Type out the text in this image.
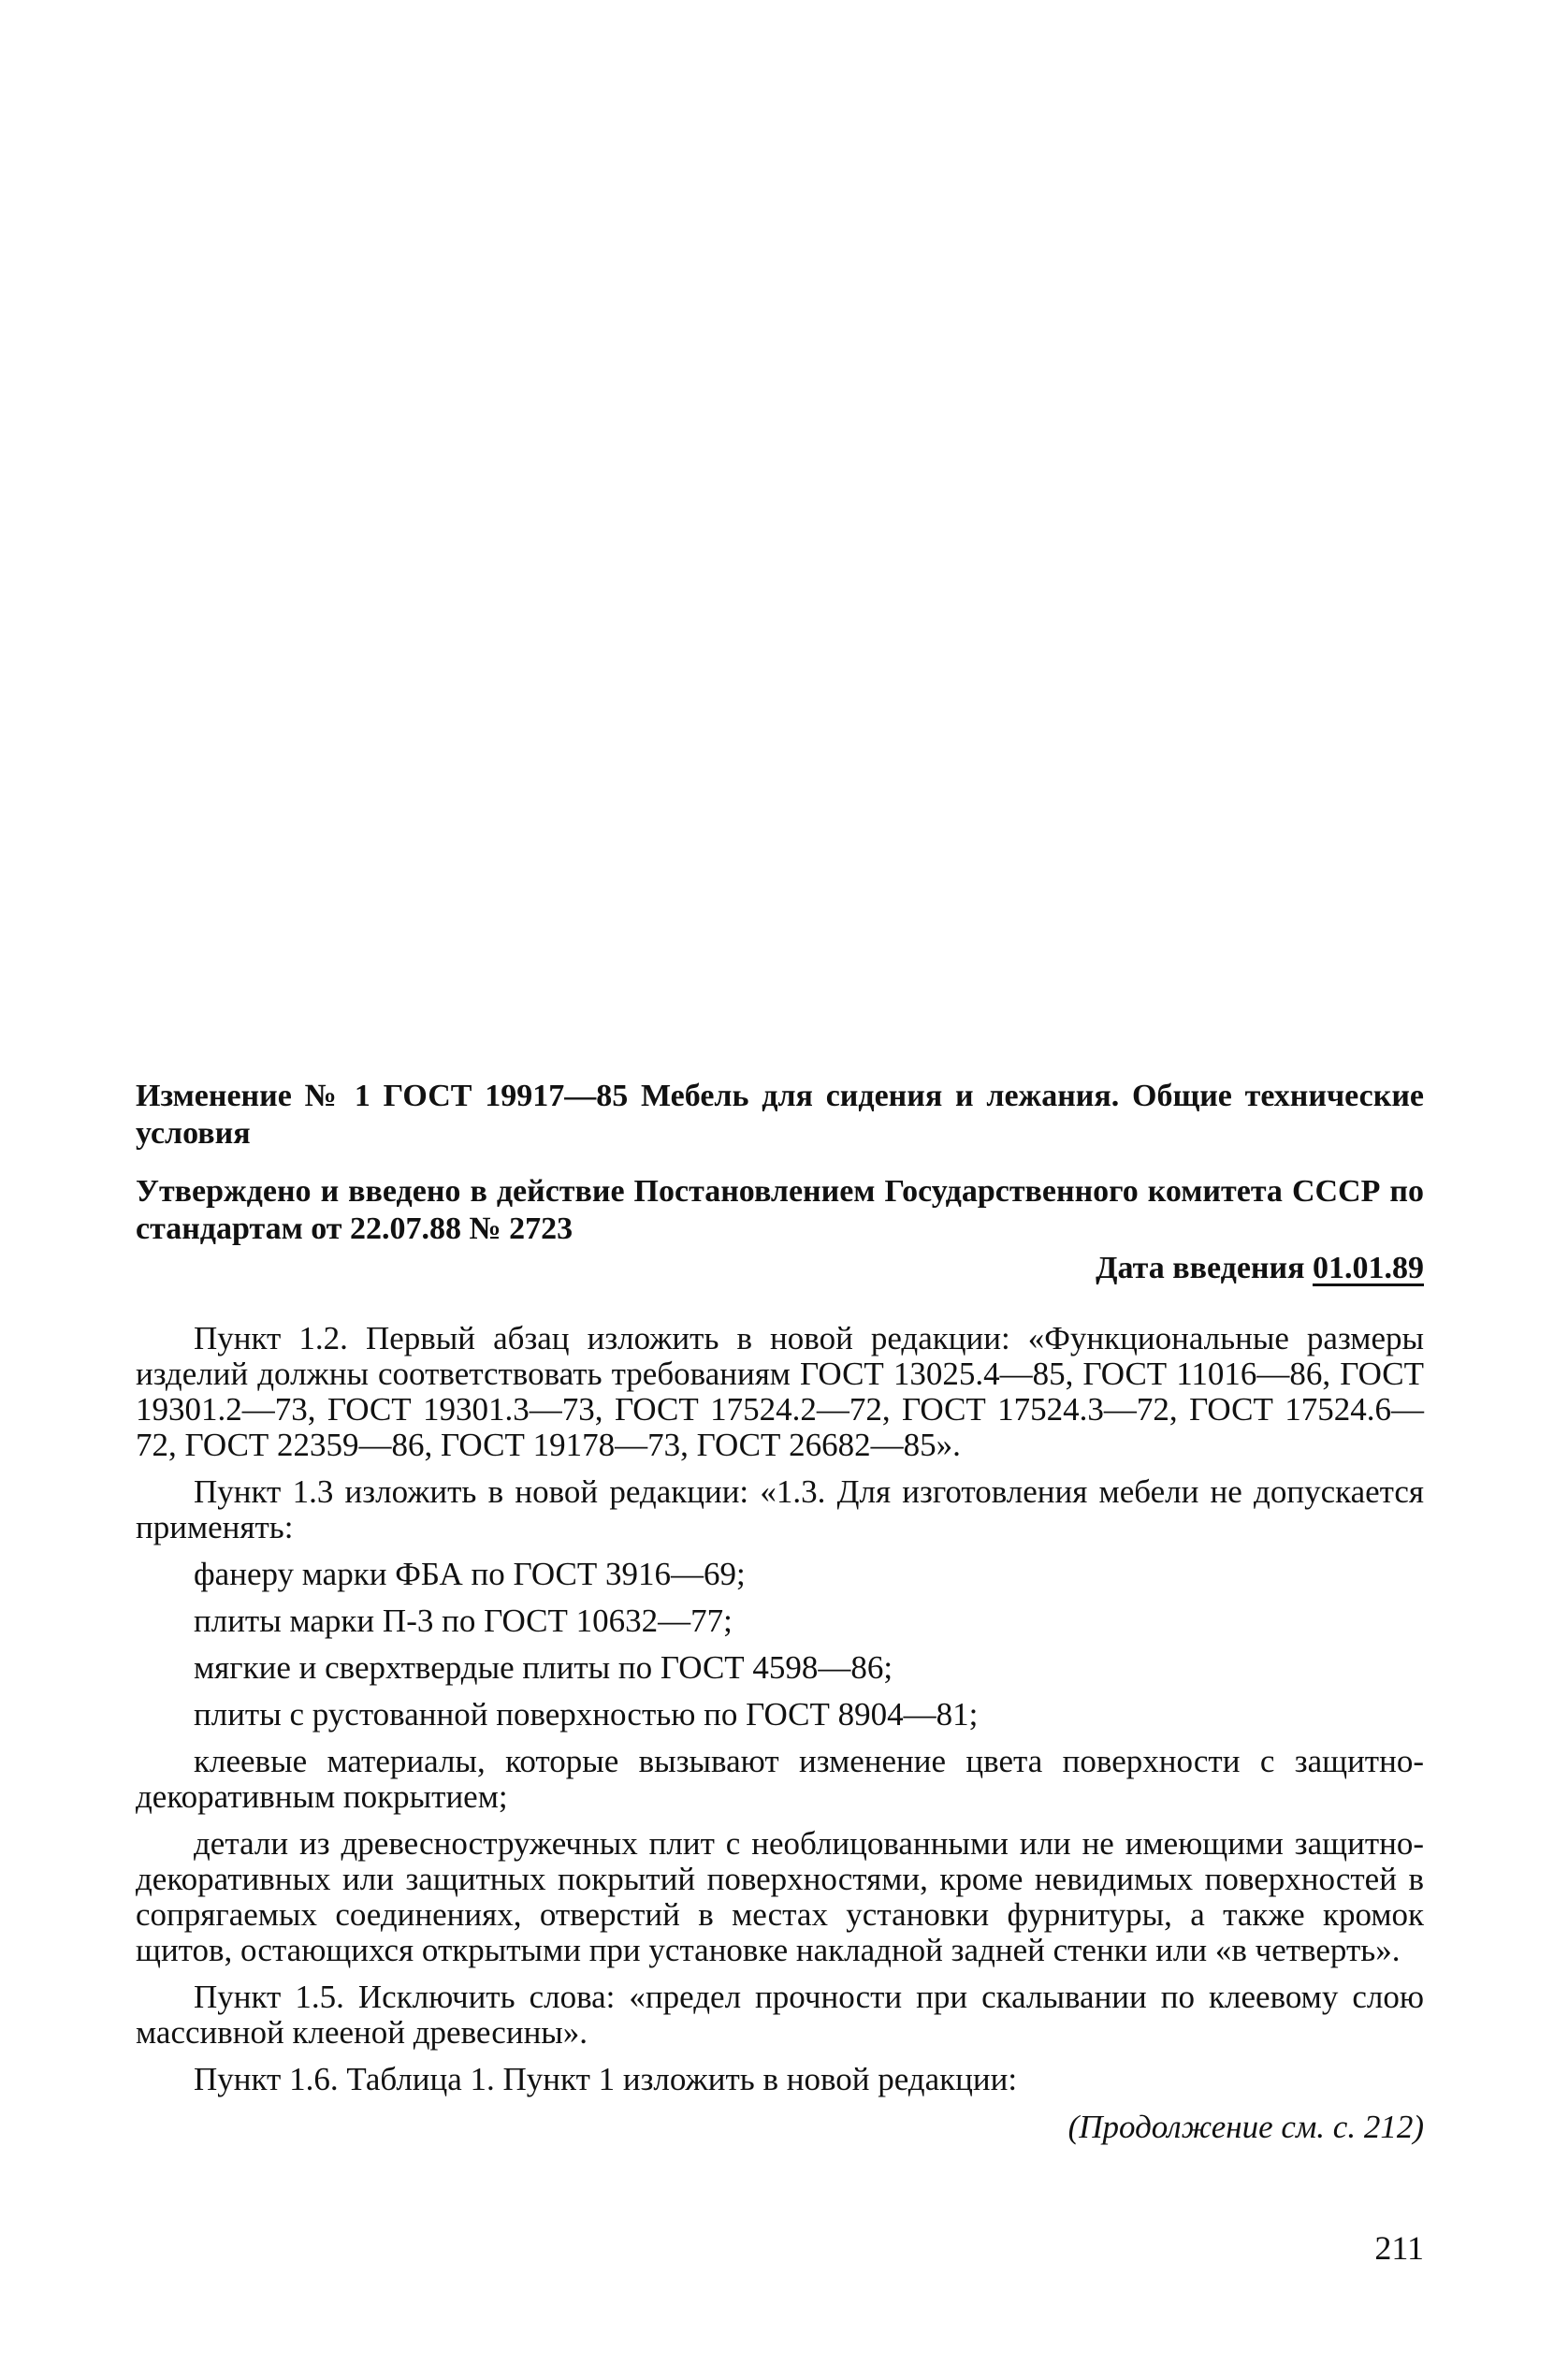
Изменение № 1 ГОСТ 19917—85 Мебель для сидения и лежания. Общие технические условия

Утверждено и введено в действие Постановлением Государственного комитета СССР по стандартам от 22.07.88 № 2723

Дата введения 01.01.89

Пункт 1.2. Первый абзац изложить в новой редакции: «Функциональные размеры изделий должны соответствовать требованиям ГОСТ 13025.4—85, ГОСТ 11016—86, ГОСТ 19301.2—73, ГОСТ 19301.3—73, ГОСТ 17524.2—72, ГОСТ 17524.3—72, ГОСТ 17524.6—72, ГОСТ 22359—86, ГОСТ 19178—73, ГОСТ 26682—85».

Пункт 1.3 изложить в новой редакции: «1.3. Для изготовления мебели не допускается применять:

фанеру марки ФБА по ГОСТ 3916—69;

плиты марки П-3 по ГОСТ 10632—77;

мягкие и сверхтвердые плиты по ГОСТ 4598—86;

плиты с рустованной поверхностью по ГОСТ 8904—81;

клеевые материалы, которые вызывают изменение цвета поверхности с защитно-декоративным покрытием;

детали из древесностружечных плит с необлицованными или не имеющими защитно-декоративных или защитных покрытий поверхностями, кроме невидимых поверхностей в сопрягаемых соединениях, отверстий в местах установки фурнитуры, а также кромок щитов, остающихся открытыми при установке накладной задней стенки или «в четверть».

Пункт 1.5. Исключить слова: «предел прочности при скалывании по клеевому слою массивной клееной древесины».

Пункт 1.6. Таблица 1. Пункт 1 изложить в новой редакции:

(Продолжение см. с. 212)

211
